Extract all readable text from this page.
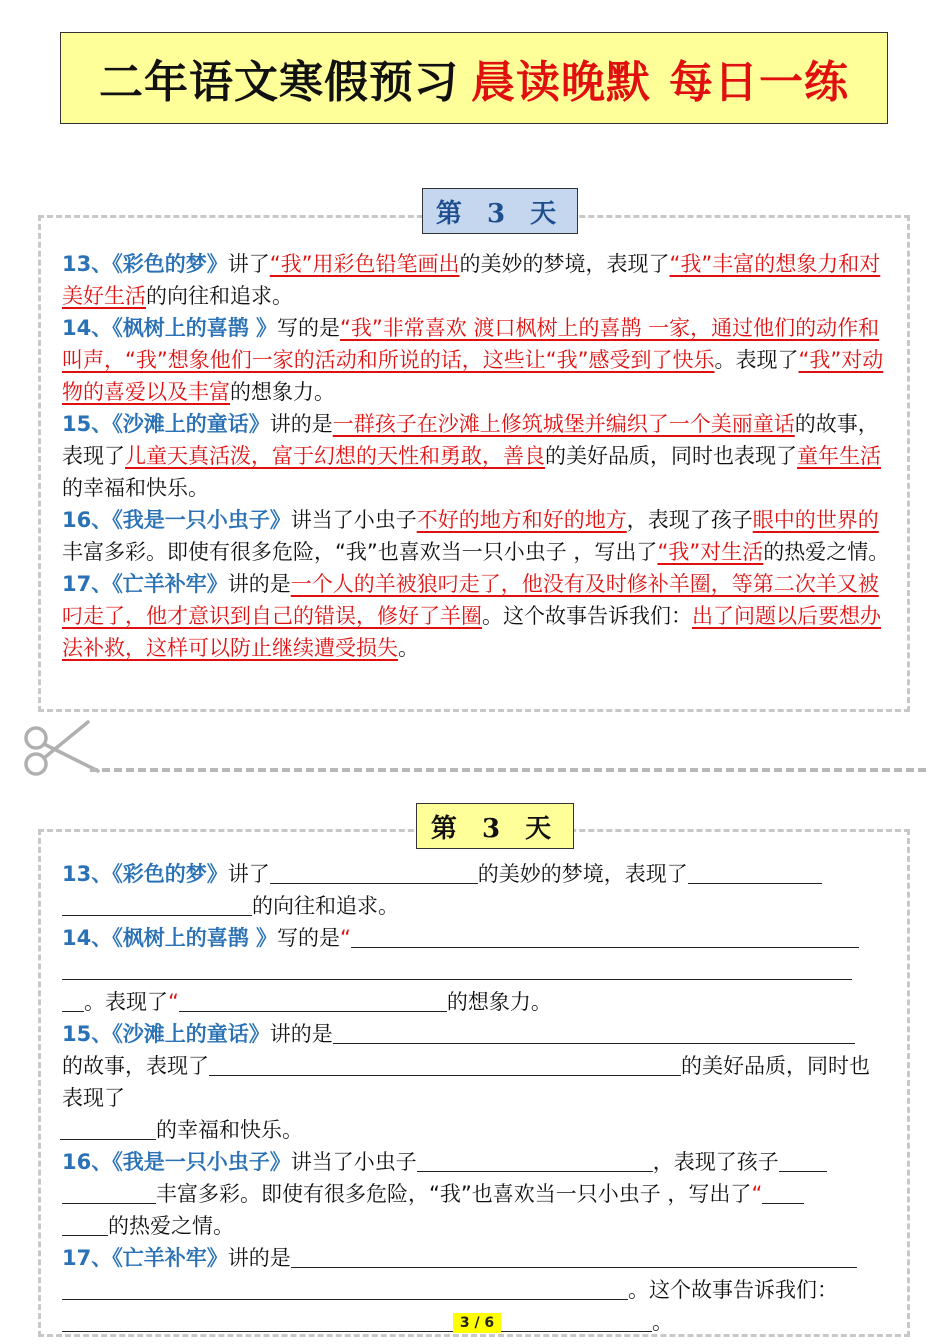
二年语文寒假预习 晨读晚默 每日一练
第 3 天

13、《彩色的梦》讲了“我”用彩色铅笔画出的美妙的梦境，表现了“我”丰富的想象力和对美好生活的向往和追求。

14、《枫树上的喜鹊 》写的是“我”非常喜欢 渡口枫树上的喜鹊 一家，通过他们的动作和叫声，“我”想象他们一家的活动和所说的话，这些让“我”感受到了快乐。表现了“我”对动物的喜爱以及丰富的想象力。

15、《沙滩上的童话》讲的是一群孩子在沙滩上修筑城堡并编织了一个美丽童话的故事，表现了儿童天真活泼，富于幻想的天性和勇敢，善良的美好品质，同时也表现了童年生活的幸福和快乐。

16、《我是一只小虫子》讲当了小虫子不好的地方和好的地方，表现了孩子眼中的世界的丰富多彩。即使有很多危险，“我”也喜欢当一只小虫子 ，写出了“我”对生活的热爱之情。

17、《亡羊补牢》讲的是一个人的羊被狼叼走了，他没有及时修补羊圈，等第二次羊又被叼走了，他才意识到自己的错误，修好了羊圈。这个故事告诉我们：出了问题以后要想办法补救，这样可以防止继续遭受损失。

第 3 天

13、《彩色的梦》讲了	的美妙的梦境，表现了

的向往和追求。

14、《枫树上的喜鹊 》写的是“

。表现了“	的想象力。

15、《沙滩上的童话》讲的是

的故事，表现了	的美好品质，同时也表现了

的幸福和快乐。

16、《我是一只小虫子》讲当了小虫子	，表现了孩子

丰富多彩。即使有很多危险，“我”也喜欢当一只小虫子 ，写出了“

的热爱之情。

17、《亡羊补牢》讲的是

。这个故事告诉我们：

。

3 / 6
